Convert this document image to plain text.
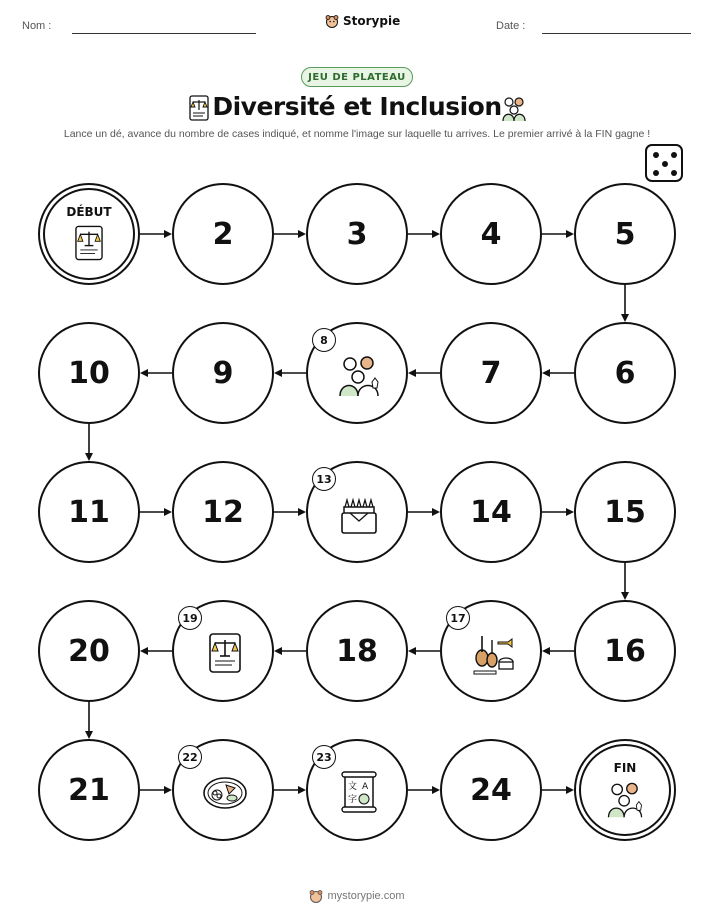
Nom :	Storypie	Date :
JEU DE PLATEAU
Diversité et Inclusion
Lance un dé, avance du nombre de cases indiqué, et nomme l'image sur laquelle tu arrives. Le premier arrivé à la FIN gagne !
DÉBUT
2	3	4	5
6
7
8
9
10
11	12
13
14	15
16
17
18
19
20
21
22
文 A
字
23
24
FIN
mystorypie.com
